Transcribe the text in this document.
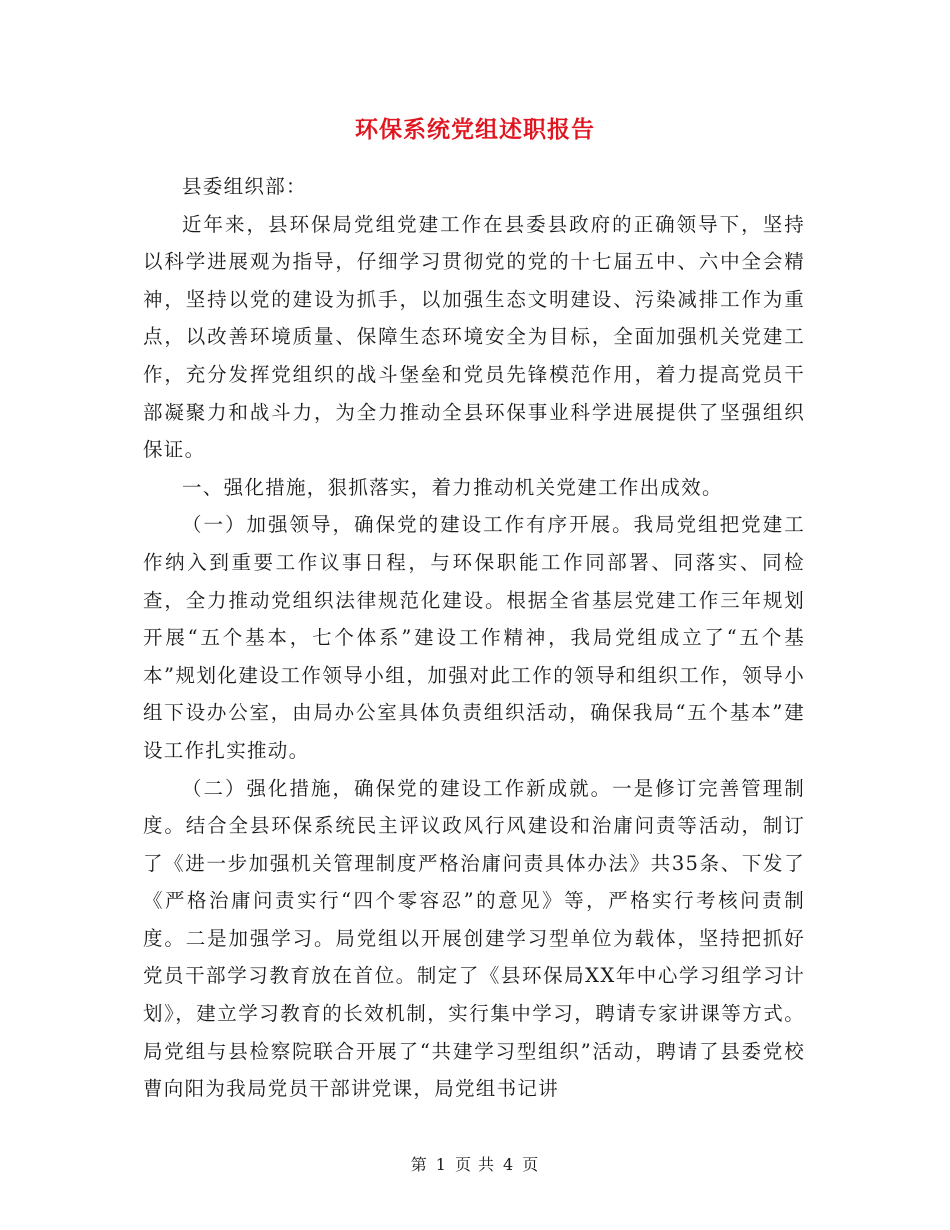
环保系统党组述职报告

县委组织部：

近年来，县环保局党组党建工作在县委县政府的正确领导下，坚持以科学进展观为指导，仔细学习贯彻党的党的十七届五中、六中全会精神，坚持以党的建设为抓手，以加强生态文明建设、污染减排工作为重点，以改善环境质量、保障生态环境安全为目标，全面加强机关党建工作，充分发挥党组织的战斗堡垒和党员先锋模范作用，着力提高党员干部凝聚力和战斗力，为全力推动全县环保事业科学进展提供了坚强组织保证。

一、强化措施，狠抓落实，着力推动机关党建工作出成效。

（一）加强领导，确保党的建设工作有序开展。我局党组把党建工作纳入到重要工作议事日程，与环保职能工作同部署、同落实、同检查，全力推动党组织法律规范化建设。根据全省基层党建工作三年规划开展“五个基本，七个体系”建设工作精神，我局党组成立了“五个基本”规划化建设工作领导小组，加强对此工作的领导和组织工作，领导小组下设办公室，由局办公室具体负责组织活动，确保我局“五个基本”建设工作扎实推动。

（二）强化措施，确保党的建设工作新成就。一是修订完善管理制度。结合全县环保系统民主评议政风行风建设和治庸问责等活动，制订了《进一步加强机关管理制度严格治庸问责具体办法》共35条、下发了《严格治庸问责实行“四个零容忍”的意见》等，严格实行考核问责制度。二是加强学习。局党组以开展创建学习型单位为载体，坚持把抓好党员干部学习教育放在首位。制定了《县环保局XX年中心学习组学习计划》，建立学习教育的长效机制，实行集中学习，聘请专家讲课等方式。局党组与县检察院联合开展了“共建学习型组织”活动，聘请了县委党校曹向阳为我局党员干部讲党课，局党组书记讲

第 1 页 共 4 页
